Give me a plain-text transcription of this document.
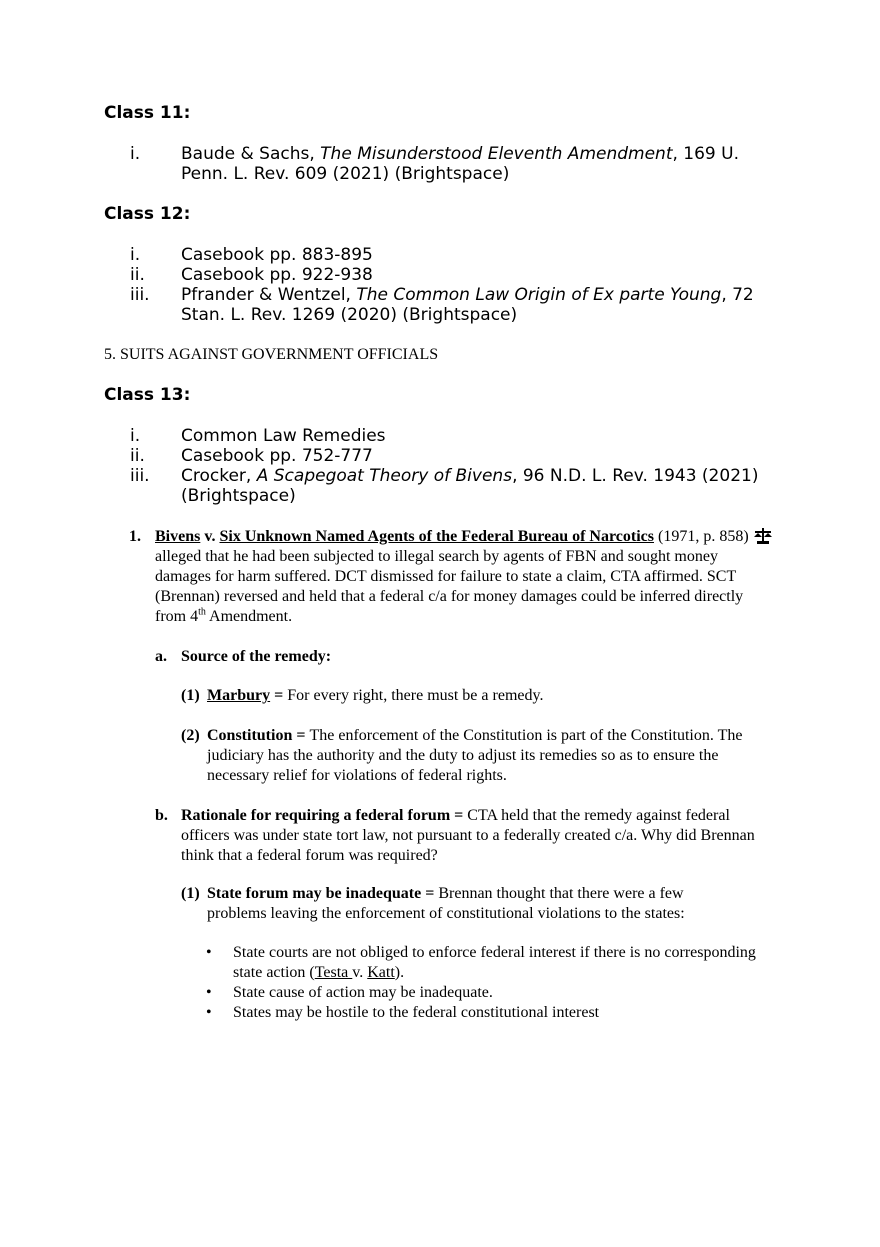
Class 11:
i.	Baude & Sachs, The Misunderstood Eleventh Amendment, 169 U. Penn. L. Rev. 609 (2021) (Brightspace)
Class 12:
i.	Casebook pp. 883-895
ii.	Casebook pp. 922-938
iii.	Pfrander & Wentzel, The Common Law Origin of Ex parte Young, 72 Stan. L. Rev. 1269 (2020) (Brightspace)

5. SUITS AGAINST GOVERNMENT OFFICIALS

Class 13:
i.	Common Law Remedies
ii.	Casebook pp. 752-777
iii.	Crocker, A Scapegoat Theory of Bivens, 96 N.D. L. Rev. 1943 (2021) (Brightspace)
1. Bivens v. Six Unknown Named Agents of the Federal Bureau of Narcotics (1971, p. 858)  alleged that he had been subjected to illegal search by agents of FBN and sought money damages for harm suffered. DCT dismissed for failure to state a claim, CTA affirmed. SCT (Brennan) reversed and held that a federal c/a for money damages could be inferred directly from 4th Amendment.
a. Source of the remedy:
(1) Marbury = For every right, there must be a remedy.
(2) Constitution = The enforcement of the Constitution is part of the Constitution. The judiciary has the authority and the duty to adjust its remedies so as to ensure the necessary relief for violations of federal rights.
b. Rationale for requiring a federal forum = CTA held that the remedy against federal officers was under state tort law, not pursuant to a federally created c/a. Why did Brennan think that a federal forum was required?
(1) State forum may be inadequate = Brennan thought that there were a few problems leaving the enforcement of constitutional violations to the states:
• State courts are not obliged to enforce federal interest if there is no corresponding state action (Testa v. Katt).
• State cause of action may be inadequate.
• States may be hostile to the federal constitutional interest
